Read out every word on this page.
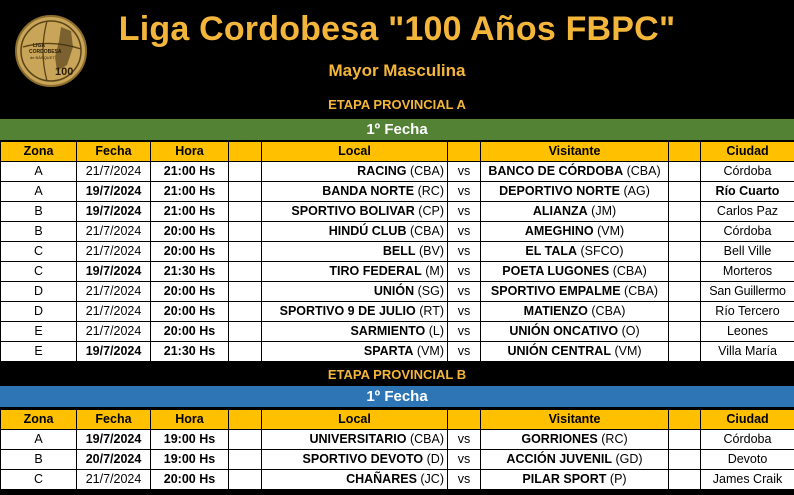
LIGA
CORDOBESA
de BÁSQUET
100
Liga Cordobesa "100 Años FBPC"
Mayor Masculina
ETAPA PROVINCIAL A
1º Fecha
Zona	Fecha	Hora		Local		Visitante		Ciudad
A	21/7/2024	21:00 Hs		RACING (CBA)	vs	BANCO DE CÓRDOBA (CBA)		Córdoba
A	19/7/2024	21:00 Hs		BANDA NORTE (RC)	vs	DEPORTIVO NORTE (AG)		Río Cuarto
B	19/7/2024	21:00 Hs		SPORTIVO BOLIVAR (CP)	vs	ALIANZA (JM)		Carlos Paz
B	21/7/2024	20:00 Hs		HINDÚ CLUB (CBA)	vs	AMEGHINO (VM)		Córdoba
C	21/7/2024	20:00 Hs		BELL (BV)	vs	EL TALA (SFCO)		Bell Ville
C	19/7/2024	21:30 Hs		TIRO FEDERAL (M)	vs	POETA LUGONES (CBA)		Morteros
D	21/7/2024	20:00 Hs		UNIÓN (SG)	vs	SPORTIVO EMPALME (CBA)		San Guillermo
D	21/7/2024	20:00 Hs		SPORTIVO 9 DE JULIO (RT)	vs	MATIENZO (CBA)		Río Tercero
E	21/7/2024	20:00 Hs		SARMIENTO (L)	vs	UNIÓN ONCATIVO (O)		Leones
E	19/7/2024	21:30 Hs		SPARTA (VM)	vs	UNIÓN CENTRAL (VM)		Villa María
ETAPA PROVINCIAL B
1º Fecha
Zona	Fecha	Hora		Local		Visitante		Ciudad
A	19/7/2024	19:00 Hs		UNIVERSITARIO (CBA)	vs	GORRIONES (RC)		Córdoba
B	20/7/2024	19:00 Hs		SPORTIVO DEVOTO (D)	vs	ACCIÓN JUVENIL (GD)		Devoto
C	21/7/2024	20:00 Hs		CHAÑARES (JC)	vs	PILAR SPORT (P)		James Craik
